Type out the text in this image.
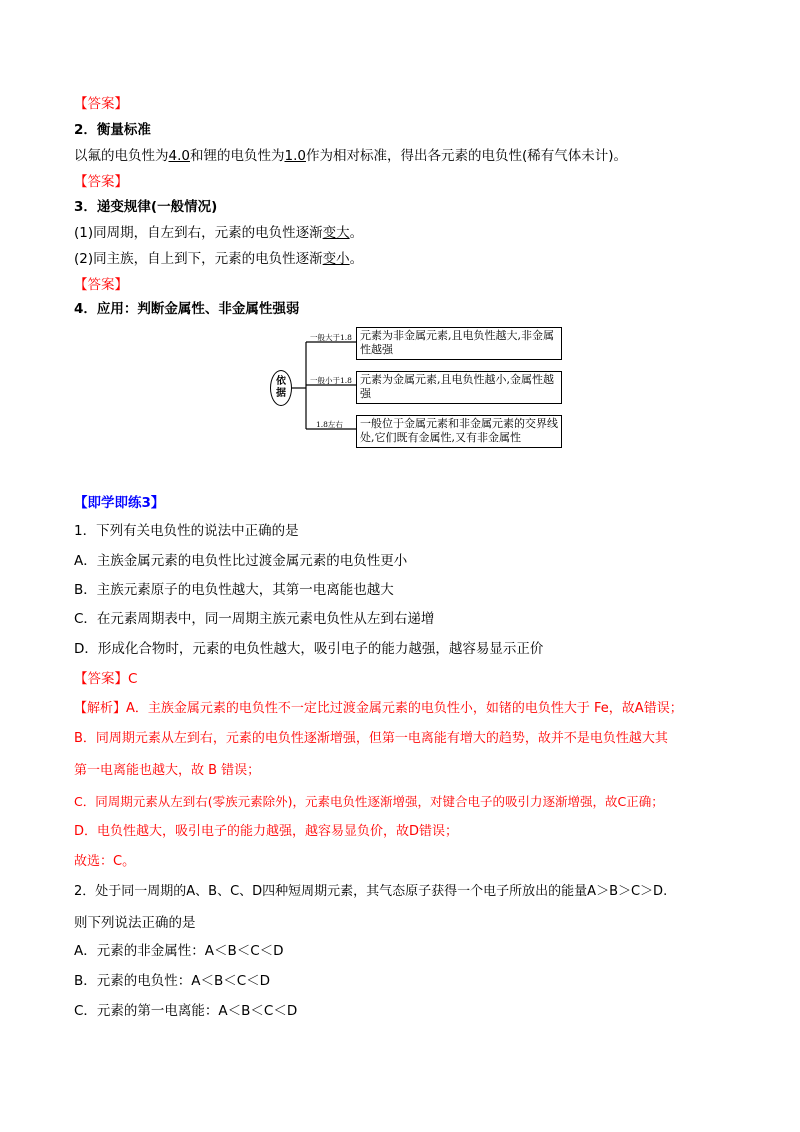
【答案】
2．衡量标准
以氟的电负性为4.0和锂的电负性为1.0作为相对标准，得出各元素的电负性(稀有气体未计)。
【答案】
3．递变规律(一般情况)
(1)同周期，自左到右，元素的电负性逐渐变大。
(2)同主族，自上到下，元素的电负性逐渐变小。
【答案】
4．应用：判断金属性、非金属性强弱
依
据
一般大于1.8
一般小于1.8
1.8左右
元素为非金属元素,且电负性越大,非金属性越强
元素为金属元素,且电负性越小,金属性越强
一般位于金属元素和非金属元素的交界线处,它们既有金属性,又有非金属性
【即学即练3】
1．下列有关电负性的说法中正确的是
A．主族金属元素的电负性比过渡金属元素的电负性更小
B．主族元素原子的电负性越大，其第一电离能也越大
C．在元素周期表中，同一周期主族元素电负性从左到右递增
D．形成化合物时，元素的电负性越大，吸引电子的能力越强，越容易显示正价
【答案】C
【解析】A．主族金属元素的电负性不一定比过渡金属元素的电负性小，如锗的电负性大于 Fe，故A错误；
B．同周期元素从左到右，元素的电负性逐渐增强，但第一电离能有增大的趋势，故并不是电负性越大其
第一电离能也越大，故 B 错误；
C．同周期元素从左到右(零族元素除外)，元素电负性逐渐增强，对键合电子的吸引力逐渐增强，故C正确；
D．电负性越大，吸引电子的能力越强，越容易显负价，故D错误；
故选：C。
2．处于同一周期的A、B、C、D四种短周期元素，其气态原子获得一个电子所放出的能量A＞B＞C＞D.
则下列说法正确的是
A．元素的非金属性：A＜B＜C＜D
B．元素的电负性：A＜B＜C＜D
C．元素的第一电离能：A＜B＜C＜D
